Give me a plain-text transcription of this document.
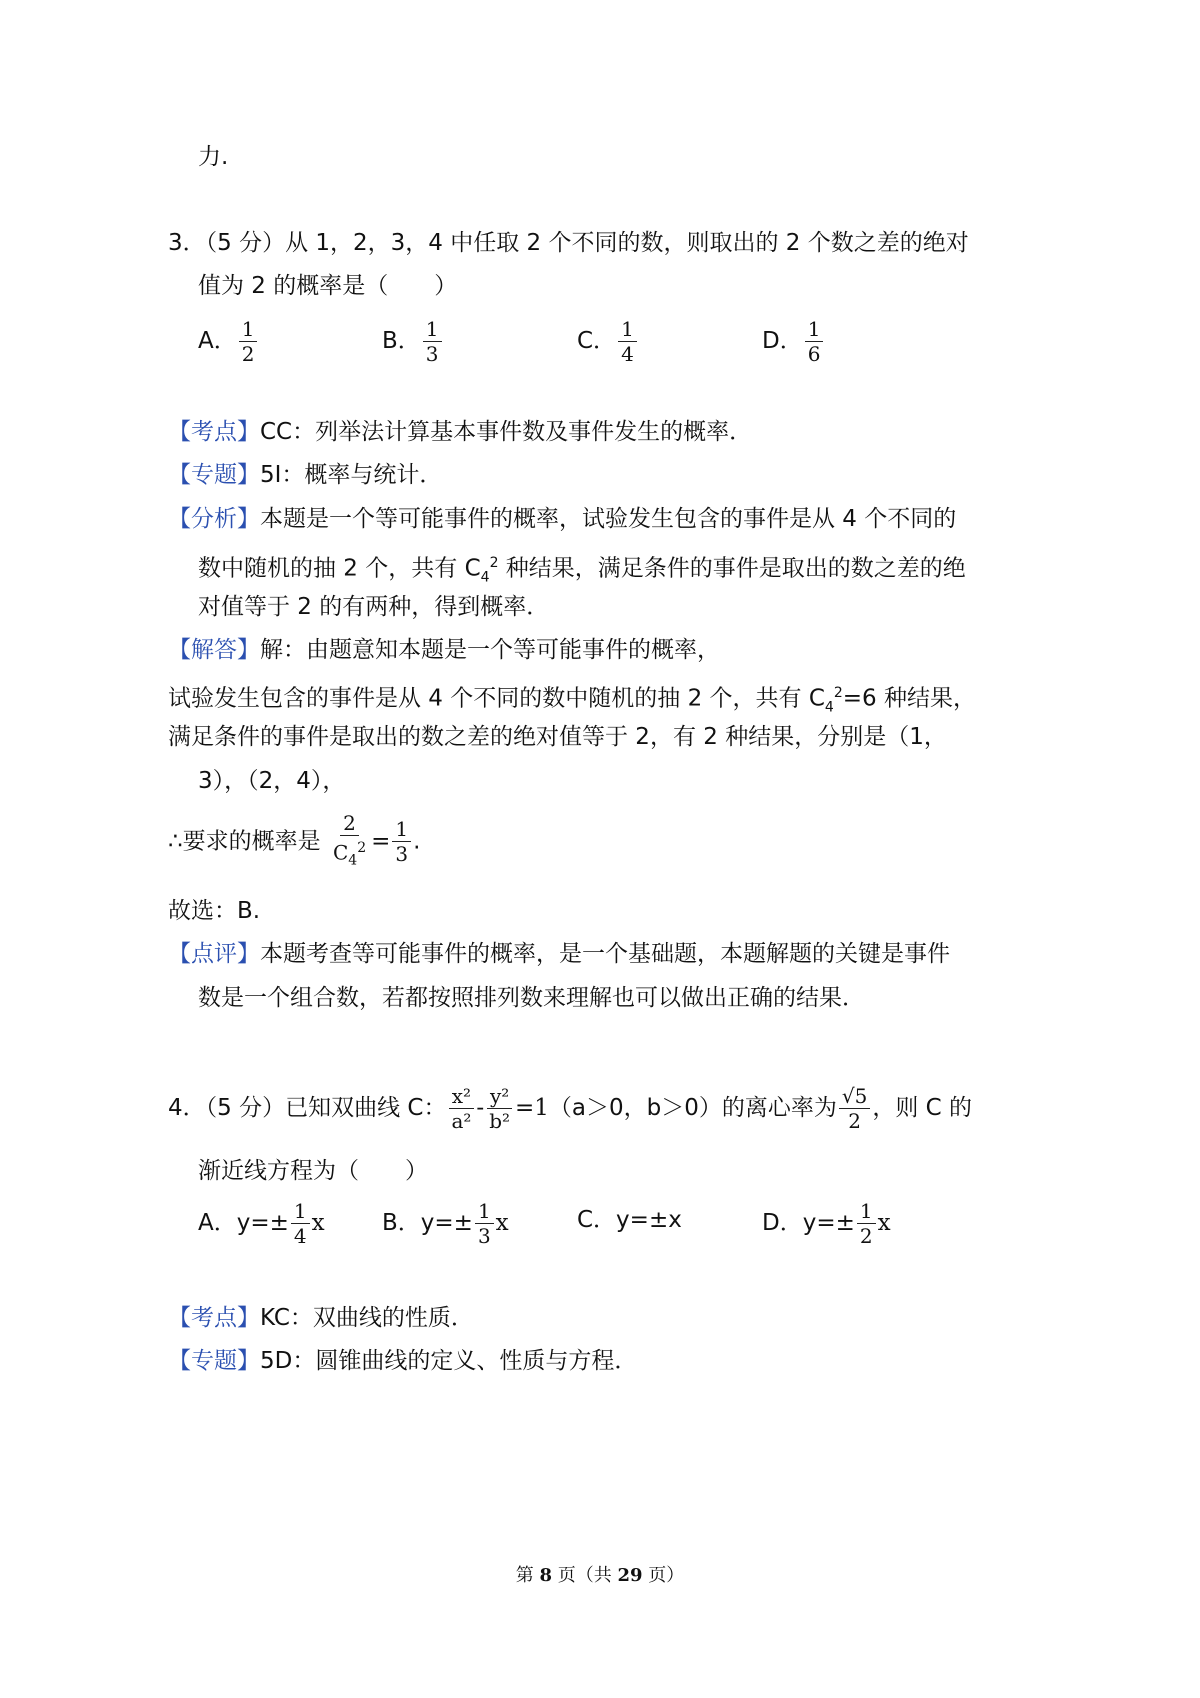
力.
3．（5 分）从 1，2，3，4 中任取 2 个不同的数，则取出的 2 个数之差的绝对
值为 2 的概率是（　　）
A． $\frac{1}{2}$	B． $\frac{1}{3}$	C． $\frac{1}{4}$	D． $\frac{1}{6}$
【考点】CC：列举法计算基本事件数及事件发生的概率．
【专题】5I：概率与统计．
【分析】本题是一个等可能事件的概率，试验发生包含的事件是从 4 个不同的
数中随机的抽 2 个，共有 $C_4^2$ 种结果，满足条件的事件是取出的数之差的绝
对值等于 2 的有两种，得到概率．
【解答】解：由题意知本题是一个等可能事件的概率，
试验发生包含的事件是从 4 个不同的数中随机的抽 2 个，共有 $C_4^2=6$ 种结果，
满足条件的事件是取出的数之差的绝对值等于 2，有 2 种结果，分别是（1，
3），（2，4），
∴要求的概率是 $\frac{2}{C_4^2} = \frac{1}{3}$ .
故选：B.
【点评】本题考查等可能事件的概率，是一个基础题，本题解题的关键是事件
数是一个组合数，若都按照排列数来理解也可以做出正确的结果．
4．（5 分）已知双曲线 C： $\frac{\text{x²}}{\text{a²}} - \frac{\text{y²}}{\text{b²}} =1(a>0$，b＞0）的离心率为 $\frac{√5}{2}$ ，则 C 的
渐近线方程为（　　）
A．$y=\pm \frac{1}{4}$ x B．$y=\pm \frac{1}{3}$ x	C．y=±x	D．$y=\pm \frac{1}{2}$ x
【考点】KC：双曲线的性质．
【专题】5D：圆锥曲线的定义、性质与方程．
第 8 页（共 29 页）
